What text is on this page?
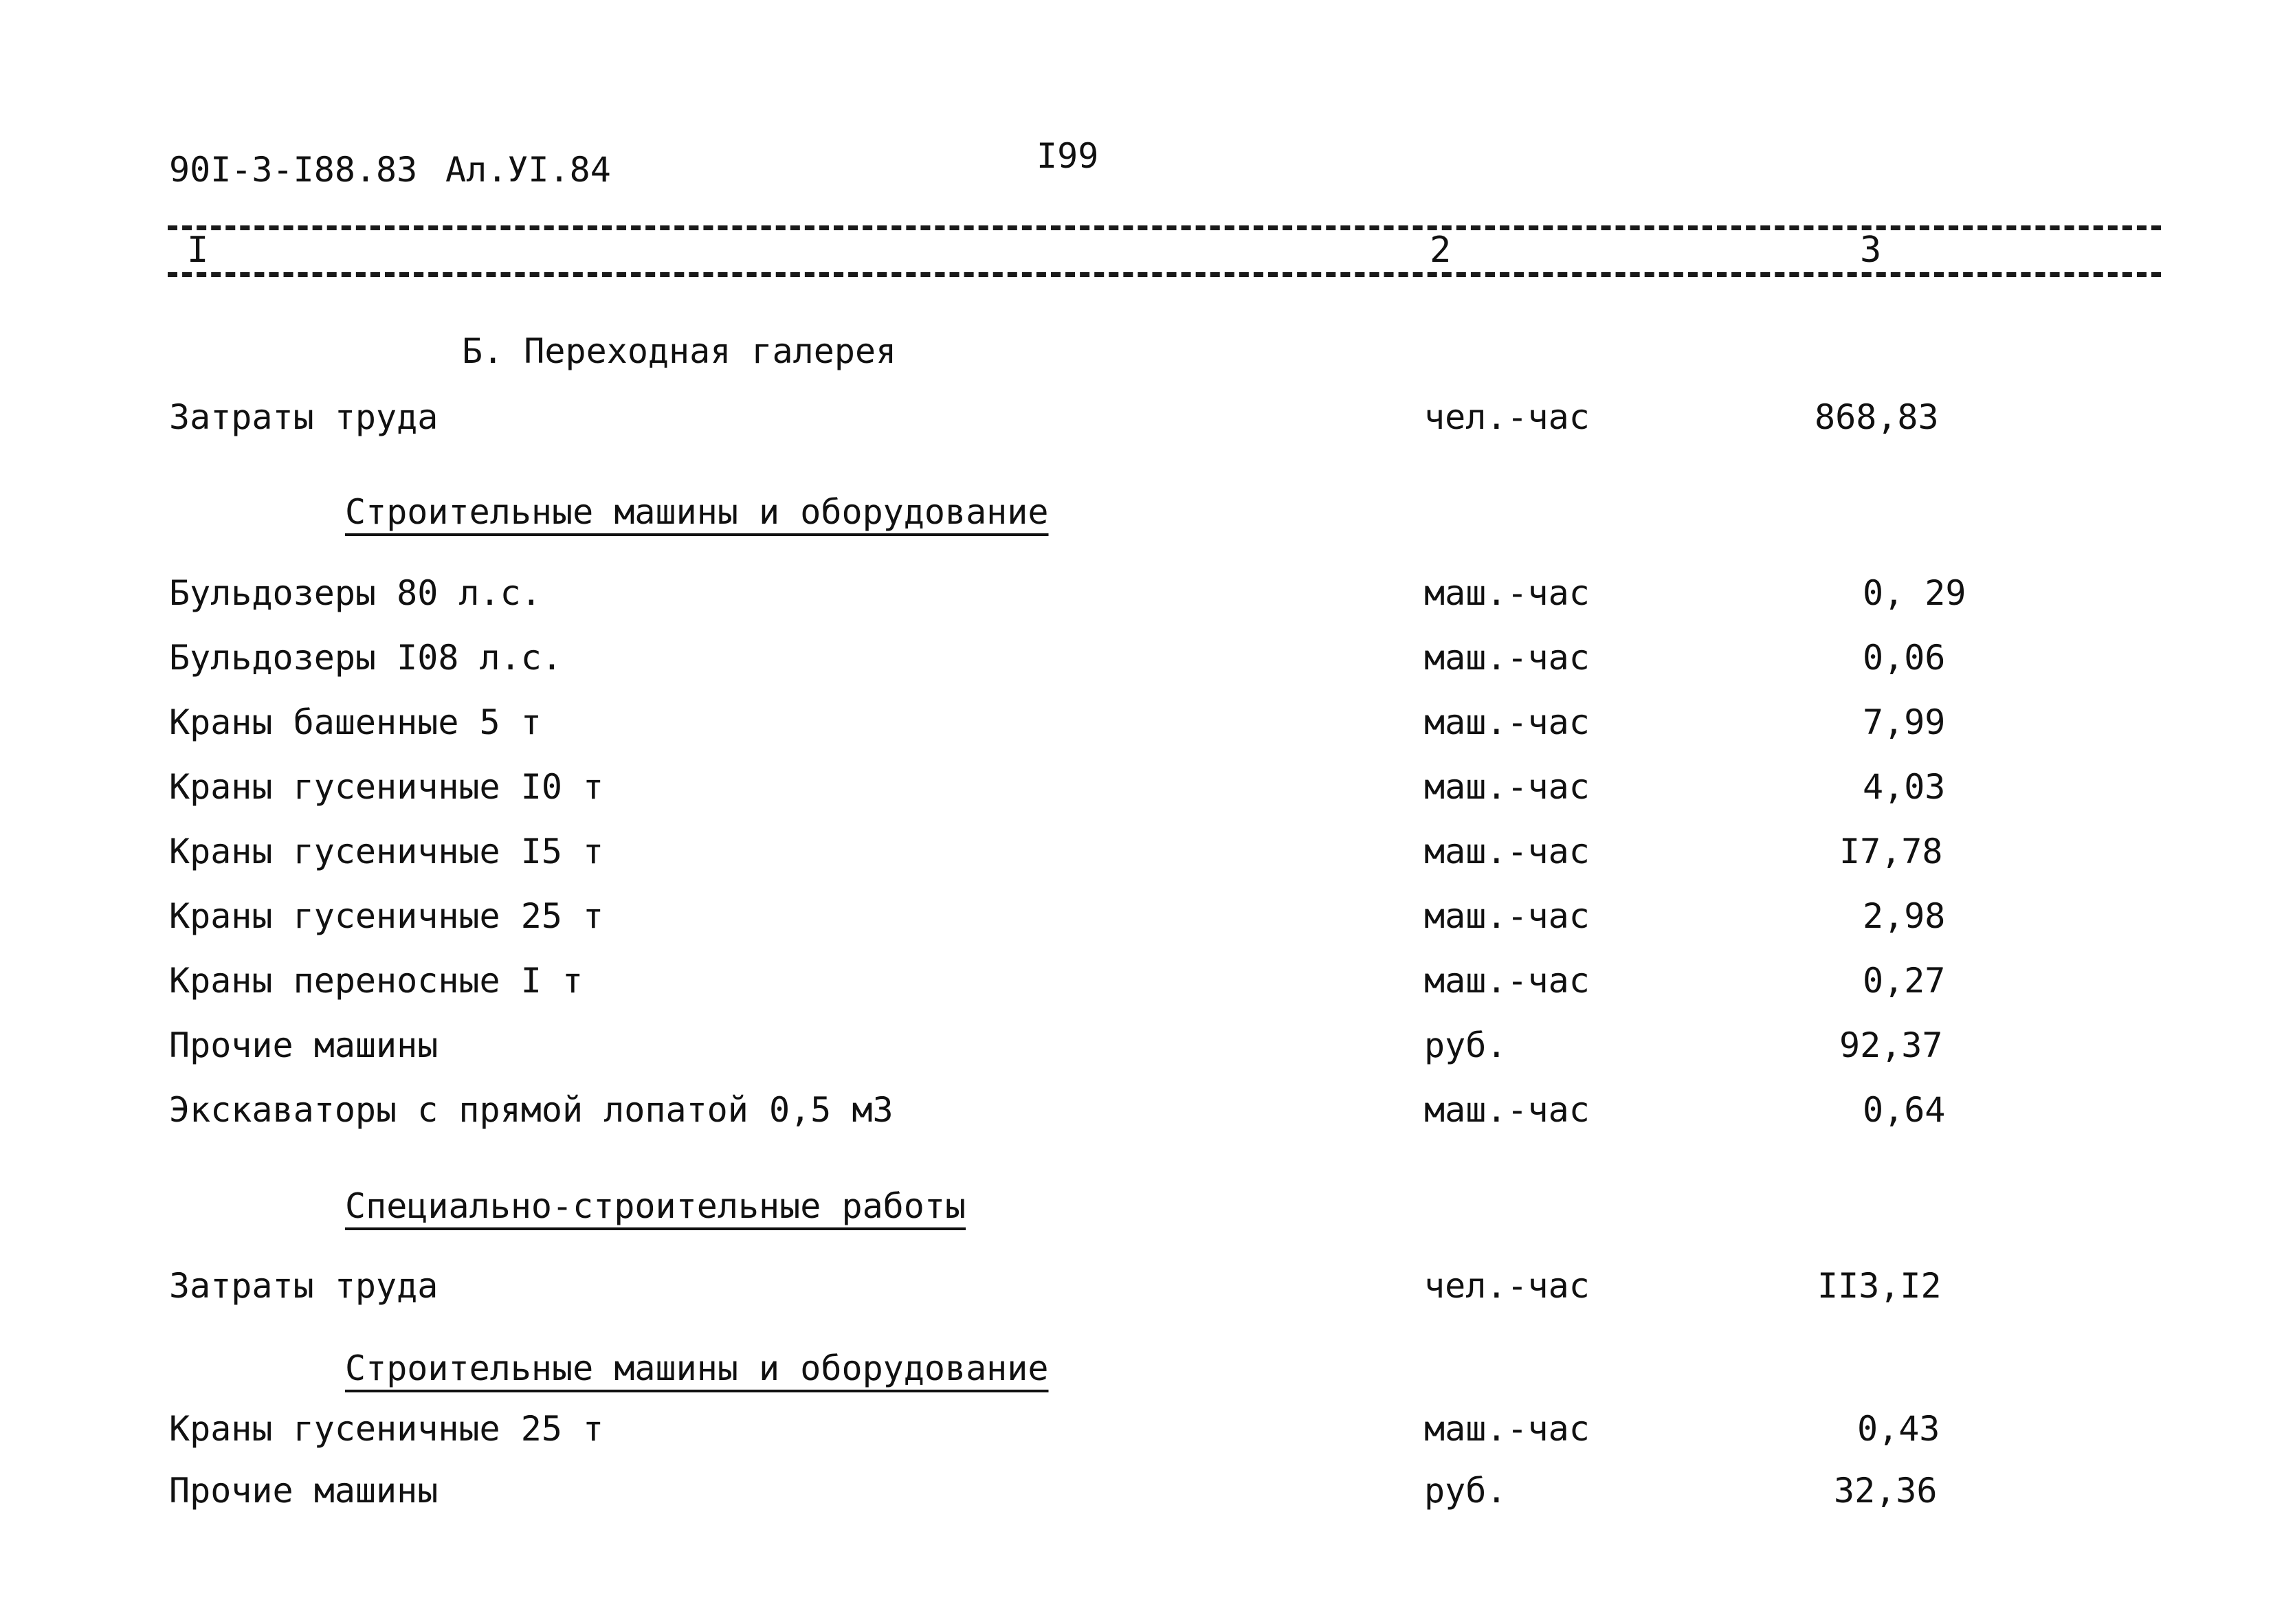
90I-3-I88.83 Ал.УI.84	I99
I	2	3
Б. Переходная галерея
Затраты труда	чел.-час	868,83
Строительные машины и оборудование
Бульдозеры 80 л.с.	маш.-час	0, 29
Бульдозеры I08 л.с.	маш.-час	0,06
Краны башенные 5 т	маш.-час	7,99
Краны гусеничные I0 т	маш.-час	4,03
Краны гусеничные I5 т	маш.-час	I7,78
Краны гусеничные 25 т	маш.-час	2,98
Краны переносные I т	маш.-час	0,27
Прочие машины	руб.	92,37
Экскаваторы с прямой лопатой 0,5 м3	маш.-час	0,64
Специально-строительные работы
Затраты труда	чел.-час	II3,I2
Строительные машины и оборудование
Краны гусеничные 25 т	маш.-час	0,43
Прочие машины	руб.	32,36
